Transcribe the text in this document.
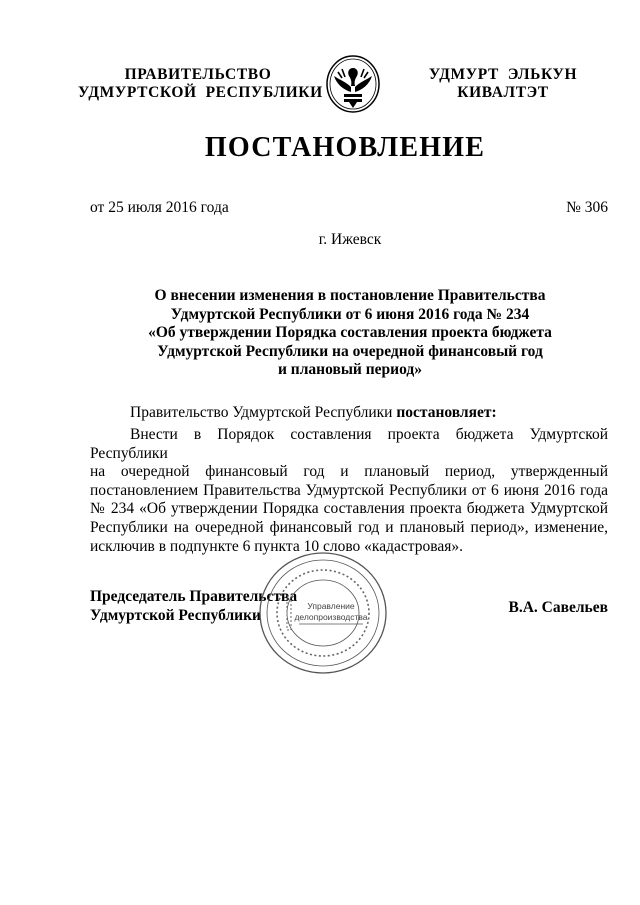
ПРАВИТЕЛЬСТВО
УДМУРТСКОЙ  РЕСПУБЛИКИ
УДМУРТ  ЭЛЬКУН
КИВАЛТЭТ
ПОСТАНОВЛЕНИЕ
от 25 июля 2016 года	№ 306
г. Ижевск
О внесении изменения в постановление Правительства
Удмуртской Республики от 6 июня 2016 года № 234
«Об утверждении Порядка составления проекта бюджета
Удмуртской Республики на очередной финансовый год
и плановый период»
Правительство Удмуртской Республики постановляет:
Внести в Порядок составления проекта бюджета Удмуртской Республики
на очередной финансовый год и плановый период, утвержденный
постановлением Правительства Удмуртской Республики от 6 июня 2016 года
№ 234 «Об утверждении Порядка составления проекта бюджета Удмуртской
Республики на очередной финансовый год и плановый период», изменение,
исключив в подпункте 6 пункта 10 слово «кадастровая».
Председатель Правительства
Удмуртской Республики	В.А. Савельев
Управление
делопроизводства
